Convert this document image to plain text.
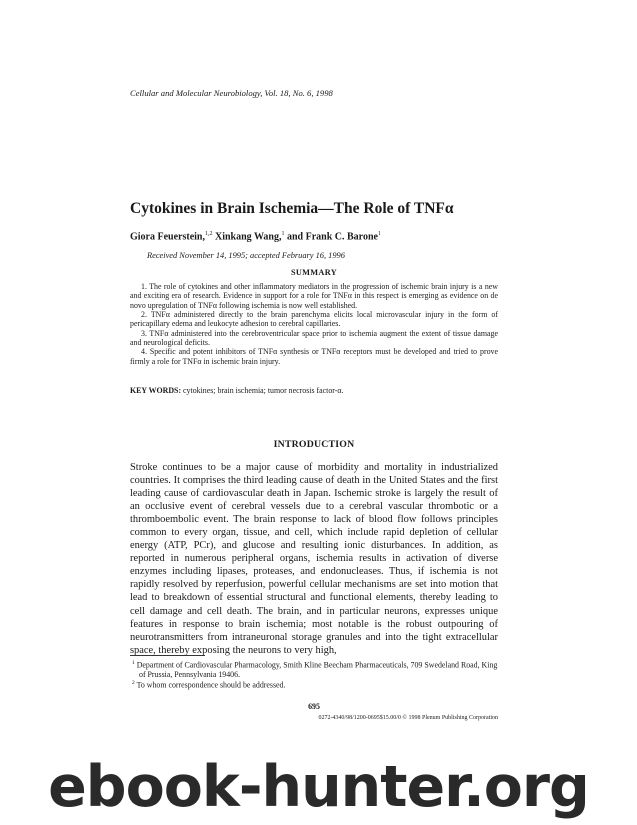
Cellular and Molecular Neurobiology, Vol. 18, No. 6, 1998
Cytokines in Brain Ischemia—The Role of TNFα
Giora Feuerstein,$^{1,2}$ Xinkang Wang,$^1$ and Frank C. Barone$^1$
Received November 14, 1995; accepted February 16, 1996
SUMMARY

1. The role of cytokines and other inflammatory mediators in the progression of ischemic brain injury is a new and exciting era of research. Evidence in support for a role for TNFα in this respect is emerging as evidence on de novo upregulation of TNFα following ischemia is now well established.

2. TNFα administered directly to the brain parenchyma elicits local microvascular injury in the form of pericapillary edema and leukocyte adhesion to cerebral capillaries.

3. TNFα administered into the cerebroventricular space prior to ischemia augment the extent of tissue damage and neurological deficits.

4. Specific and potent inhibitors of TNFα synthesis or TNFα receptors must be developed and tried to prove firmly a role for TNFα in ischemic brain injury.

KEY WORDS: cytokines; brain ischemia; tumor necrosis factor-α.
INTRODUCTION

Stroke continues to be a major cause of morbidity and mortality in industrialized countries. It comprises the third leading cause of death in the United States and the first leading cause of cardiovascular death in Japan. Ischemic stroke is largely the result of an occlusive event of cerebral vessels due to a cerebral vascular thrombotic or a thromboembolic event. The brain response to lack of blood flow follows principles common to every organ, tissue, and cell, which include rapid depletion of cellular energy (ATP, PCr), and glucose and resulting ionic disturbances. In addition, as reported in numerous peripheral organs, ischemia results in activation of diverse enzymes including lipases, proteases, and endonucleases. Thus, if ischemia is not rapidly resolved by reperfusion, powerful cellular mechanisms are set into motion that lead to breakdown of essential structural and functional elements, thereby leading to cell damage and cell death. The brain, and in particular neurons, expresses unique features in response to brain ischemia; most notable is the robust outpouring of neurotransmitters from intraneuronal storage granules and into the tight extracellular space, thereby exposing the neurons to very high,

$^1$ Department of Cardiovascular Pharmacology, Smith Kline Beecham Pharmaceuticals, 709 Swedeland Road, King of Prussia, Pennsylvania 19406.

$^2$ To whom correspondence should be addressed.

695
0272-4340/98/1200-0695$15.00/0 © 1998 Plenum Publishing Corporation
ebook-hunter.org
